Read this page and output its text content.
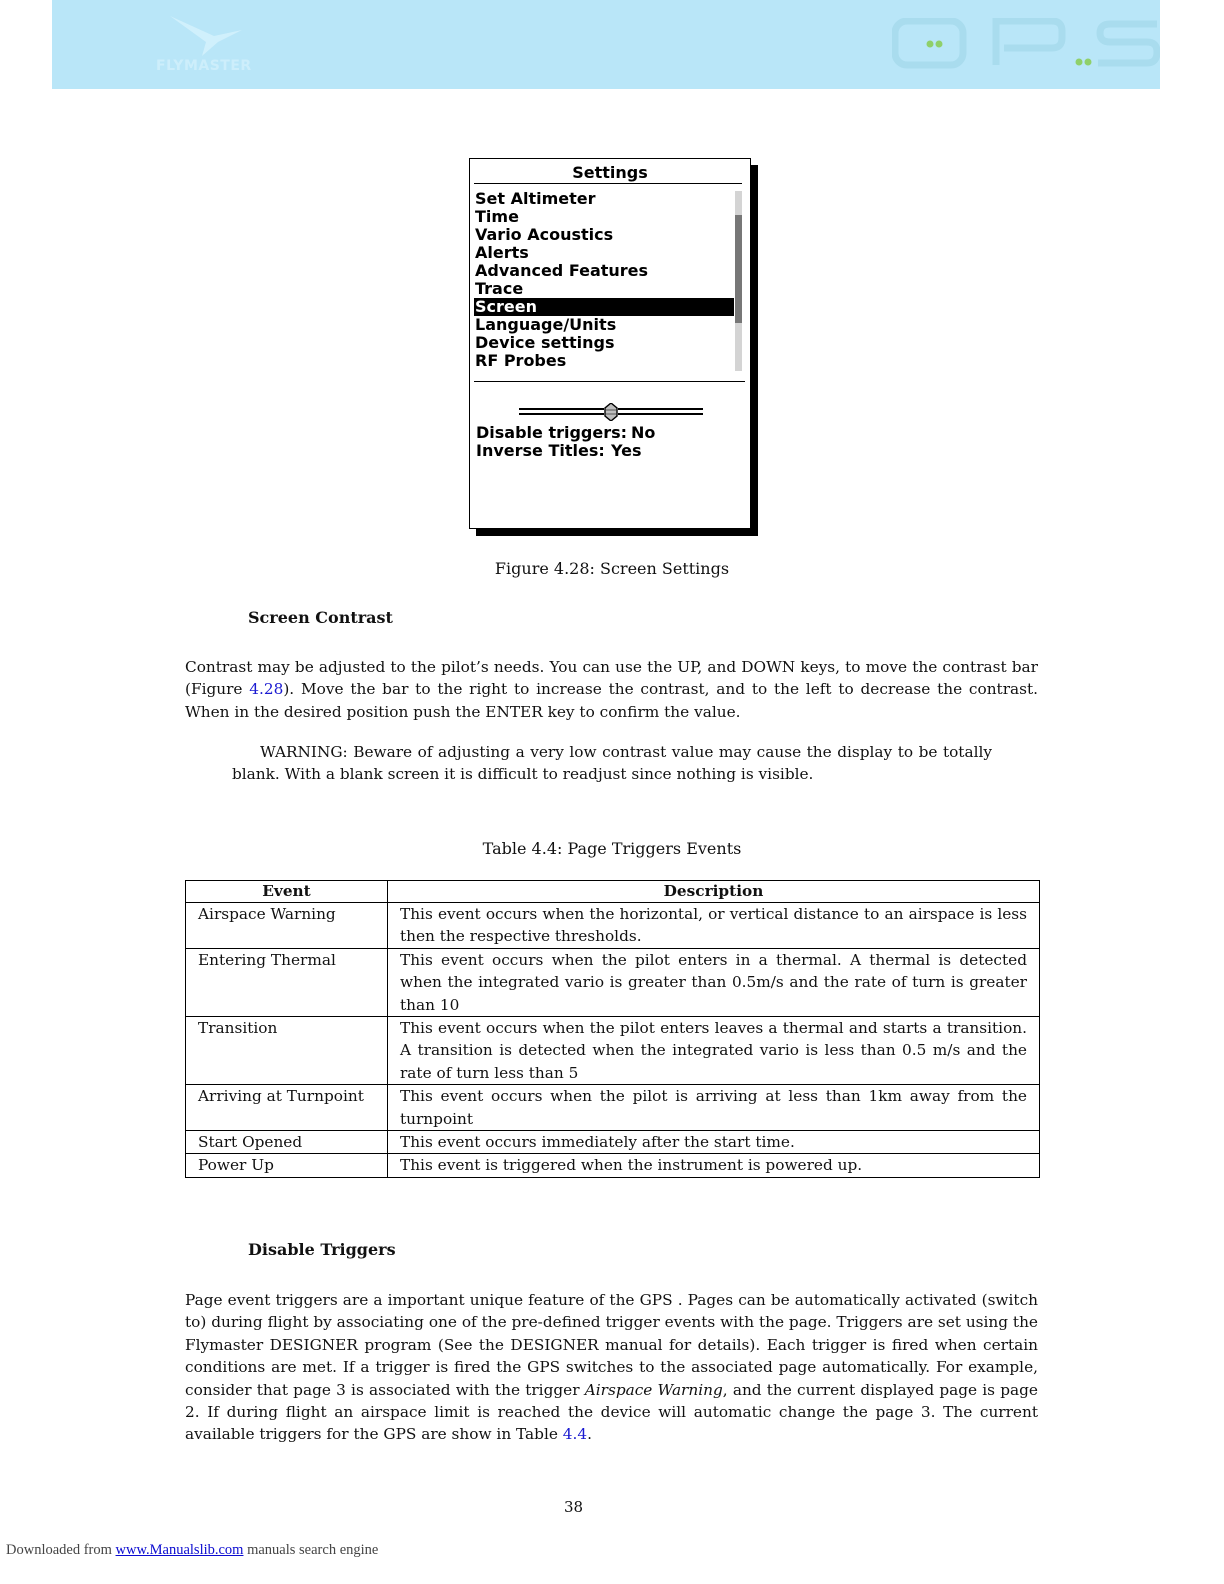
FLYMASTER
Settings
Set Altimeter
Time
Vario Acoustics
Alerts
Advanced Features
Trace
Screen
Language/Units
Device settings
RF Probes
Disable triggers: No
Inverse Titles: Yes
Figure 4.28: Screen Settings
Screen Contrast

Contrast may be adjusted to the pilot’s needs. You can use the UP, and DOWN keys, to move the contrast bar (Figure 4.28). Move the bar to the right to increase the contrast, and to the left to decrease the contrast. When in the desired position push the ENTER key to confirm the value.

WARNING: Beware of adjusting a very low contrast value may cause the display to be totally blank. With a blank screen it is difficult to readjust since nothing is visible.

Table 4.4: Page Triggers Events
Event	Description
Airspace Warning	This event occurs when the horizontal, or vertical distance to an airspace is less then the respective thresholds.
Entering Thermal	This event occurs when the pilot enters in a thermal. A thermal is detected when the integrated vario is greater than 0.5m/s and the rate of turn is greater than 10
Transition	This event occurs when the pilot enters leaves a thermal and starts a transition. A transition is detected when the integrated vario is less than 0.5 m/s and the rate of turn less than 5
Arriving at Turnpoint	This event occurs when the pilot is arriving at less than 1km away from the turnpoint
Start Opened	This event occurs immediately after the start time.
Power Up	This event is triggered when the instrument is powered up.
Disable Triggers

Page event triggers are a important unique feature of the GPS . Pages can be automatically activated (switch to) during flight by associating one of the pre-defined trigger events with the page. Triggers are set using the Flymaster DESIGNER program (See the DESIGNER manual for details). Each trigger is fired when certain conditions are met. If a trigger is fired the GPS switches to the associated page automatically. For example, consider that page 3 is associated with the trigger Airspace Warning, and the current displayed page is page 2. If during flight an airspace limit is reached the device will automatic change the page 3. The current available triggers for the GPS are show in Table 4.4.

38
Downloaded from www.Manualslib.com manuals search engine
